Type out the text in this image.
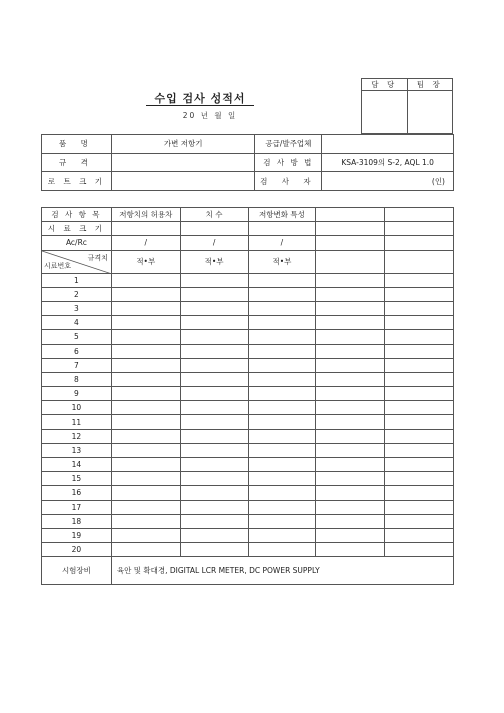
담 당	팀 장

수입 검사 성적서
20 년 월 일
품 명	가변 저항기	공급/발주업체	
규 격		검 사 방 법	KSA-3109의 S-2, AQL 1.0
로 트 크 기		검 사 자	(인)
검 사 항 목	저항치의 허용차	치 수	저항변화 특성		
시 료 크 기					
Ac/Rc	/	/	/		

규격치
시료번호	적•부	적•부	적•부		
1					
2					
3					
4					
5					
6					
7					
8					
9					
10					
11					
12					
13					
14					
15					
16					
17					
18					
19					
20					
시험장비	육안 및 확대경, DIGITAL LCR METER, DC POWER SUPPLY				
